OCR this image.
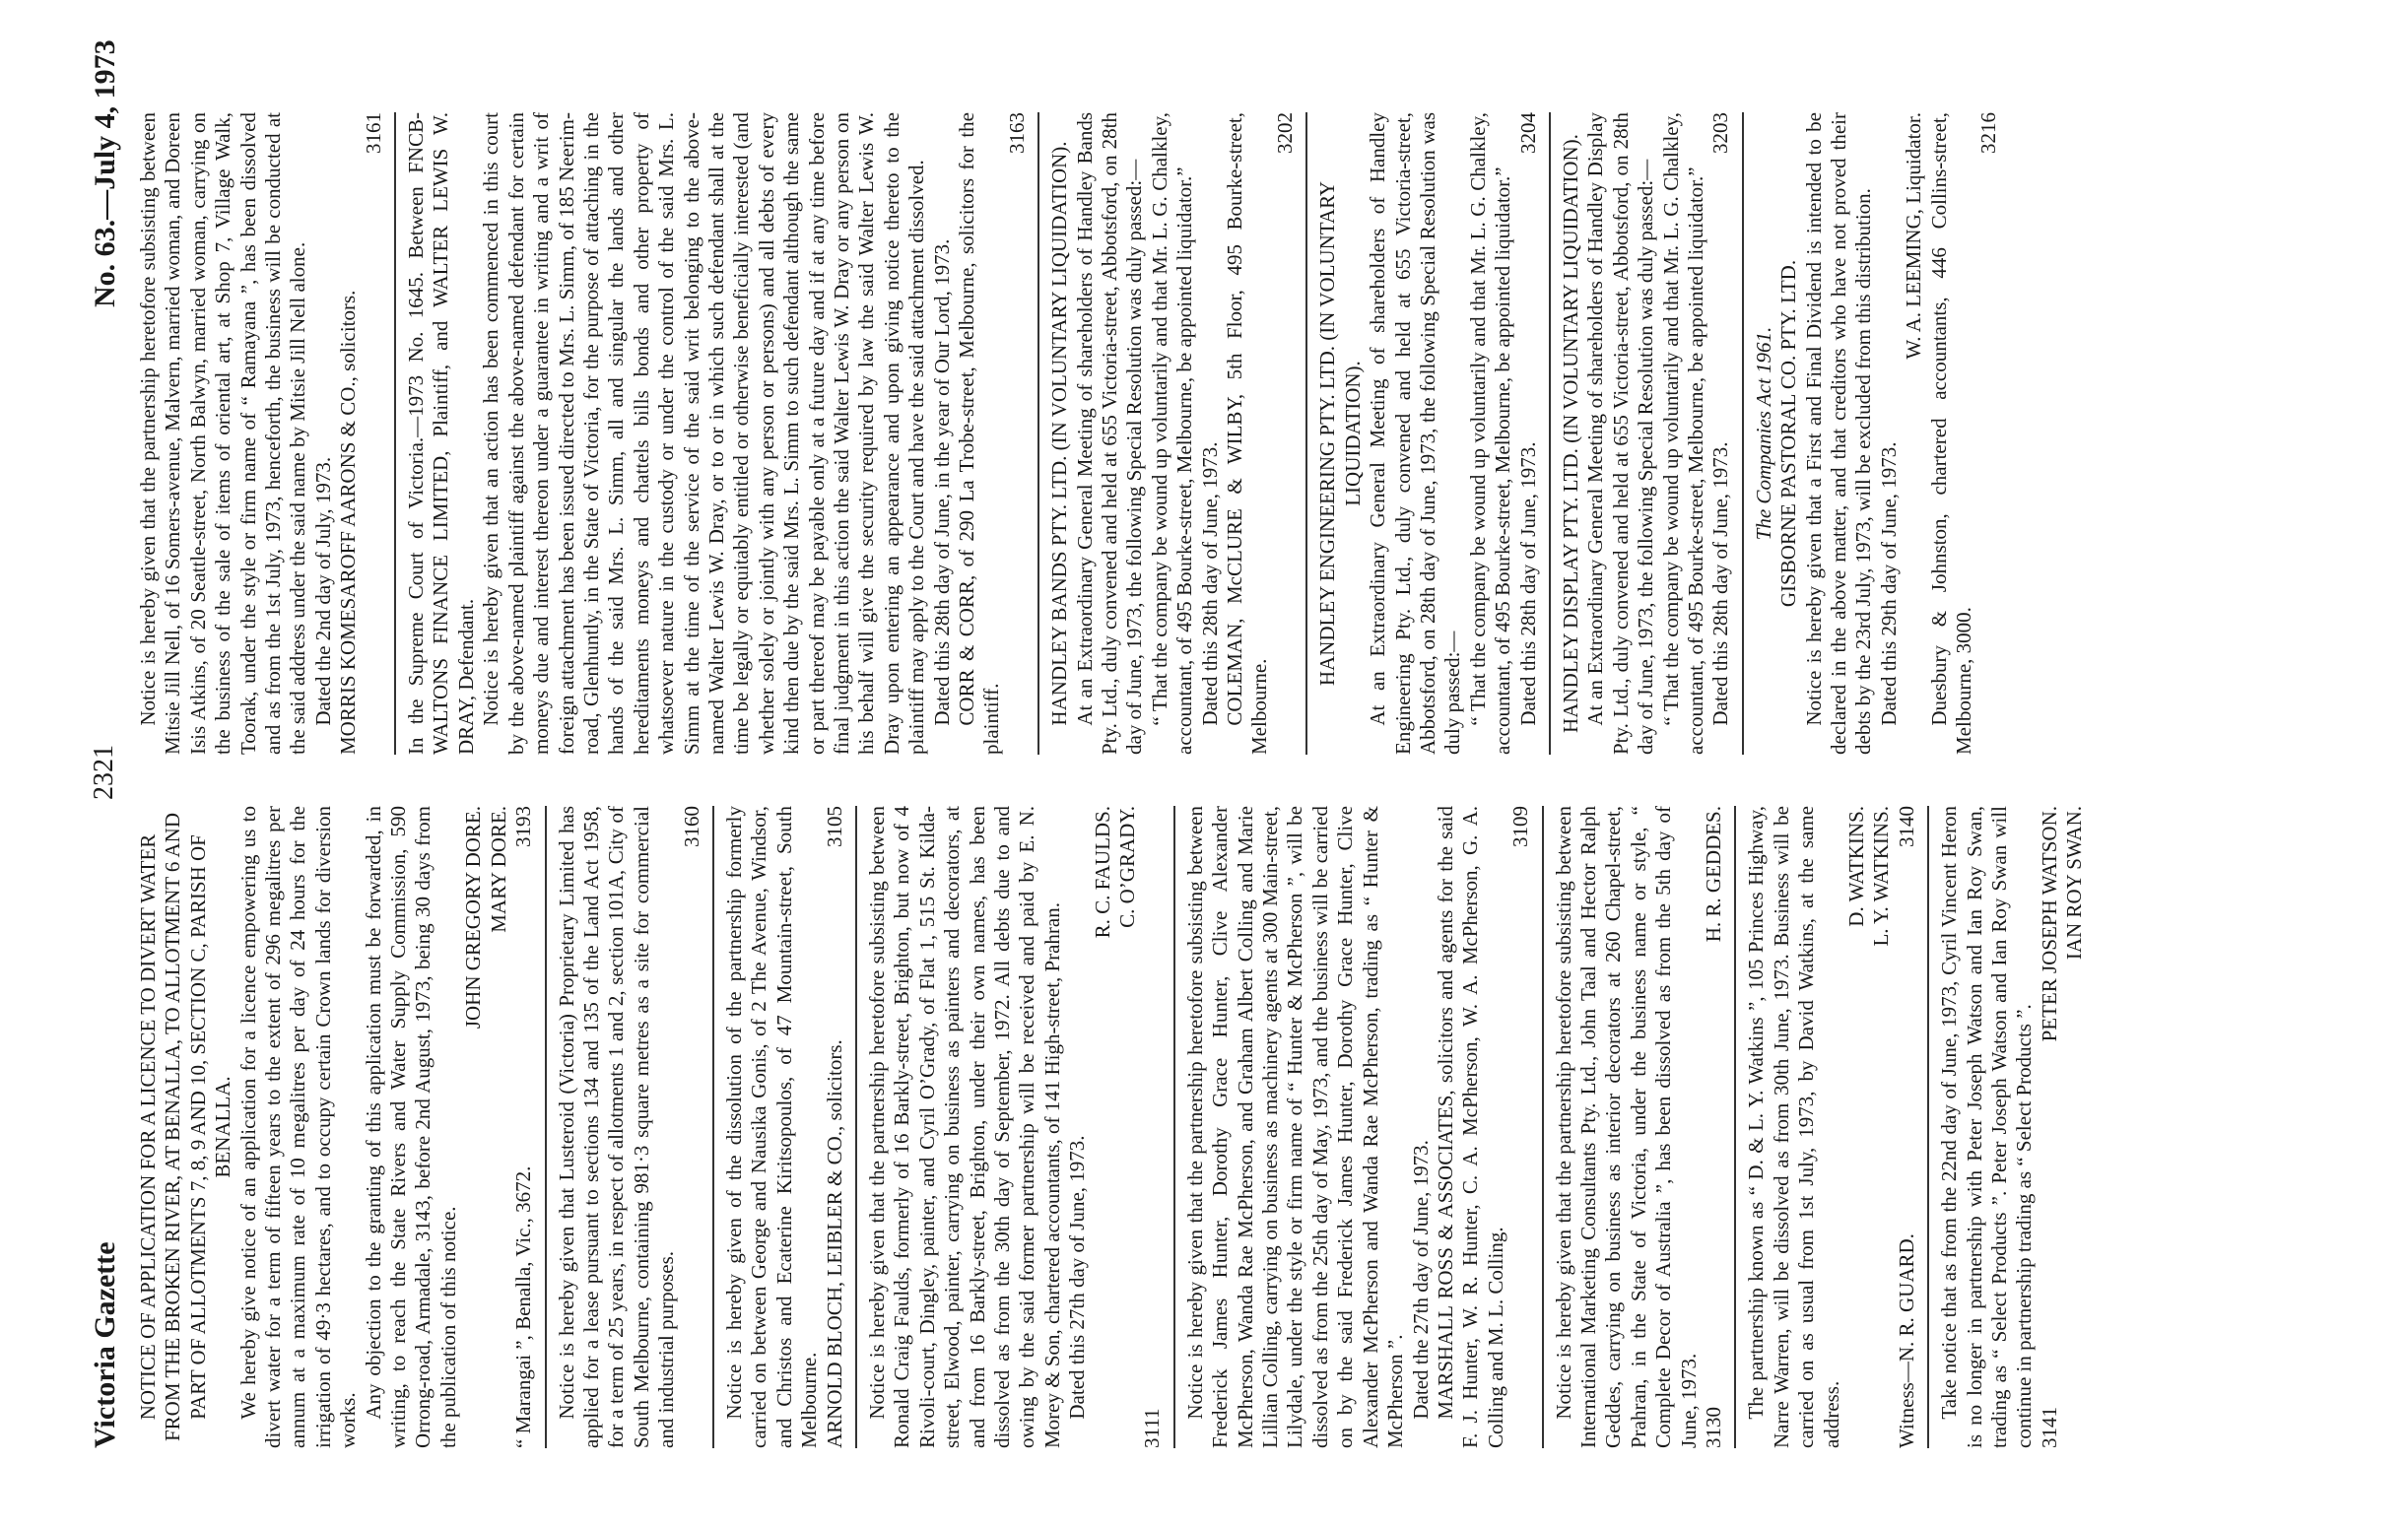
Victoria Gazette
2321
No. 63.—July 4, 1973

NOTICE OF APPLICATION FOR A LICENCE TO DIVERT WATER FROM THE BROKEN RIVER, AT BENALLA, TO ALLOTMENT 6 AND PART OF ALLOTMENTS 7, 8, 9 AND 10, SECTION C, PARISH OF BENALLA. We hereby give notice of an application for a licence empowering us to divert water for a term of fifteen years to the extent of 296 megalitres per annum at a maximum rate of 10 megalitres per day of 24 hours for the irrigation of 49·3 hectares, and to occupy certain Crown lands for diversion works.

Any objection to the granting of this application must be forwarded, in writing, to reach the State Rivers and Water Supply Commission, 590 Orrong-road, Armadale, 3143, before 2nd August, 1973, being 30 days from the publication of this notice.

JOHN GREGORY DORE. MARY DORE.
“ Marangai ”, Benalla, Vic., 3672.
3193 Notice is hereby given that Lusteroid (Victoria) Proprietary Limited has applied for a lease pursuant to sections 134 and 135 of the Land Act 1958, for a term of 25 years, in respect of allotments 1 and 2, section 101A, City of South Melbourne, containing 981·3 square metres as a site for commercial and industrial purposes.

3160 Notice is hereby given of the dissolution of the partnership formerly carried on between George and Nausika Gonis, of 2 The Avenue, Windsor, and Christos and Ecaterine Kiritsopoulos, of 47 Mountain-street, South Melbourne. ARNOLD BLOCH, LEIBLER & CO., solicitors.
3105 Notice is hereby given that the partnership heretofore subsisting between Ronald Craig Faulds, formerly of 16 Barkly-street, Brighton, but now of 4 Rivoli-court, Dingley, painter, and Cyril O’Grady, of Flat 1, 515 St. Kilda-street, Elwood, painter, carrying on business as painters and decorators, at and from 16 Barkly-street, Brighton, under their own names, has been dissolved as from the 30th day of September, 1972. All debts due to and owing by the said former partnership will be received and paid by E. N. Morey & Son, chartered accountants, of 141 High-street, Prahran. Dated this 27th day of June, 1973.

R. C. FAULDS. C. O’GRADY.
3111

Notice is hereby given that the partnership heretofore subsisting between Frederick James Hunter, Dorothy Grace Hunter, Clive Alexander McPherson, Wanda Rae McPherson, and Graham Albert Colling and Marie Lillian Colling, carrying on business as machinery agents at 300 Main-street, Lilydale, under the style or firm name of “ Hunter & McPherson ”, will be dissolved as from the 25th day of May, 1973, and the business will be carried on by the said Frederick James Hunter, Dorothy Grace Hunter, Clive Alexander McPherson and Wanda Rae McPherson, trading as “ Hunter & McPherson ”. Dated the 27th day of June, 1973. MARSHALL ROSS & ASSOCIATES, solicitors and agents for the said F. J. Hunter, W. R. Hunter, C. A. McPherson, W. A. McPherson, G. A. Colling and M. L. Colling.

3109 Notice is hereby given that the partnership heretofore subsisting between International Marketing Consultants Pty. Ltd., John Taal and Hector Ralph Geddes, carrying on business as interior decorators at 260 Chapel-street, Prahran, in the State of Victoria, under the business name or style, “ Complete Decor of Australia ”, has been dissolved as from the 5th day of June, 1973. 3130
H. R. GEDDES. The partnership known as “ D. & L. Y. Watkins ”, 105 Princes Highway, Narre Warren, will be dissolved as from 30th June, 1973. Business will be carried on as usual from 1st July, 1973, by David Watkins, at the same address.

D. WATKINS. L. Y. WATKINS.
Witness—N. R. GUARD.
3140 Take notice that as from the 22nd day of June, 1973, Cyril Vincent Heron is no longer in partnership with Peter Joseph Watson and Ian Roy Swan, trading as “ Select Products ”. Peter Joseph Watson and Ian Roy Swan will continue in partnership trading as “ Select Products ”. 3141
PETER JOSEPH WATSON. IAN ROY SWAN.

Notice is hereby given that the partnership heretofore subsisting between Mitsie Jill Nell, of 16 Somers-avenue, Malvern, married woman, and Doreen Isis Atkins, of 20 Seattle-street, North Balwyn, married woman, carrying on the business of the sale of items of oriental art, at Shop 7, Village Walk, Toorak, under the style or firm name of “ Ramayana ”, has been dissolved and as from the 1st July, 1973, henceforth, the business will be conducted at the said address under the said name by Mitsie Jill Nell alone. Dated the 2nd day of July, 1973. MORRIS KOMESAROFF AARONS & CO., solicitors.

3161 In the Supreme Court of Victoria.—1973 No. 1645. Between FNCB-WALTONS FINANCE LIMITED, Plaintiff, and WALTER LEWIS W. DRAY, Defendant. Notice is hereby given that an action has been commenced in this court by the above-named plaintiff against the above-named defendant for certain moneys due and interest thereon under a guarantee in writing and a writ of foreign attachment has been issued directed to Mrs. L. Simm, of 185 Neerim-road, Glenhuntly, in the State of Victoria, for the purpose of attaching in the hands of the said Mrs. L. Simm, all and singular the lands and other hereditaments moneys and chattels bills bonds and other property of whatsoever nature in the custody or under the control of the said Mrs. L. Simm at the time of the service of the said writ belonging to the above-named Walter Lewis W. Dray, or to or in which such defendant shall at the time be legally or equitably entitled or otherwise beneficially interested (and whether solely or jointly with any person or persons) and all debts of every kind then due by the said Mrs. L. Simm to such defendant although the same or part thereof may be payable only at a future day and if at any time before final judgment in this action the said Walter Lewis W. Dray or any person on his behalf will give the security required by law the said Walter Lewis W. Dray upon entering an appearance and upon giving notice thereto to the plaintiff may apply to the Court and have the said attachment dissolved. Dated this 28th day of June, in the year of Our Lord, 1973. CORR & CORR, of 290 La Trobe-street, Melbourne, solicitors for the plaintiff.

3163

HANDLEY BANDS PTY. LTD. (IN VOLUNTARY LIQUIDATION). At an Extraordinary General Meeting of shareholders of Handley Bands Pty. Ltd., duly convened and held at 655 Victoria-street, Abbotsford, on 28th day of June, 1973, the following Special Resolution was duly passed:— “ That the company be wound up voluntarily and that Mr. L. G. Chalkley, accountant, of 495 Bourke-street, Melbourne, be appointed liquidator.” Dated this 28th day of June, 1973. COLEMAN, McCLURE & WILBY, 5th Floor, 495 Bourke-street, Melbourne.

3202

HANDLEY ENGINEERING PTY. LTD. (IN VOLUNTARY LIQUIDATION). At an Extraordinary General Meeting of shareholders of Handley Engineering Pty. Ltd., duly convened and held at 655 Victoria-street, Abbotsford, on 28th day of June, 1973, the following Special Resolution was duly passed:— “ That the company be wound up voluntarily and that Mr. L. G. Chalkley, accountant, of 495 Bourke-street, Melbourne, be appointed liquidator.” Dated this 28th day of June, 1973.
3204

HANDLEY DISPLAY PTY. LTD. (IN VOLUNTARY LIQUIDATION). At an Extraordinary General Meeting of shareholders of Handley Display Pty. Ltd., duly convened and held at 655 Victoria-street, Abbotsford, on 28th day of June, 1973, the following Special Resolution was duly passed:— “ That the company be wound up voluntarily and that Mr. L. G. Chalkley, accountant, of 495 Bourke-street, Melbourne, be appointed liquidator.” Dated this 28th day of June, 1973.
3203

The Companies Act 1961. GISBORNE PASTORAL CO. PTY. LTD. Notice is hereby given that a First and Final Dividend is intended to be declared in the above matter, and that creditors who have not proved their debts by the 23rd July, 1973, will be excluded from this distribution. Dated this 29th day of June, 1973.

W. A. LEEMING, Liquidator. Duesbury & Johnston, chartered accountants, 446 Collins-street, Melbourne, 3000.

3216
